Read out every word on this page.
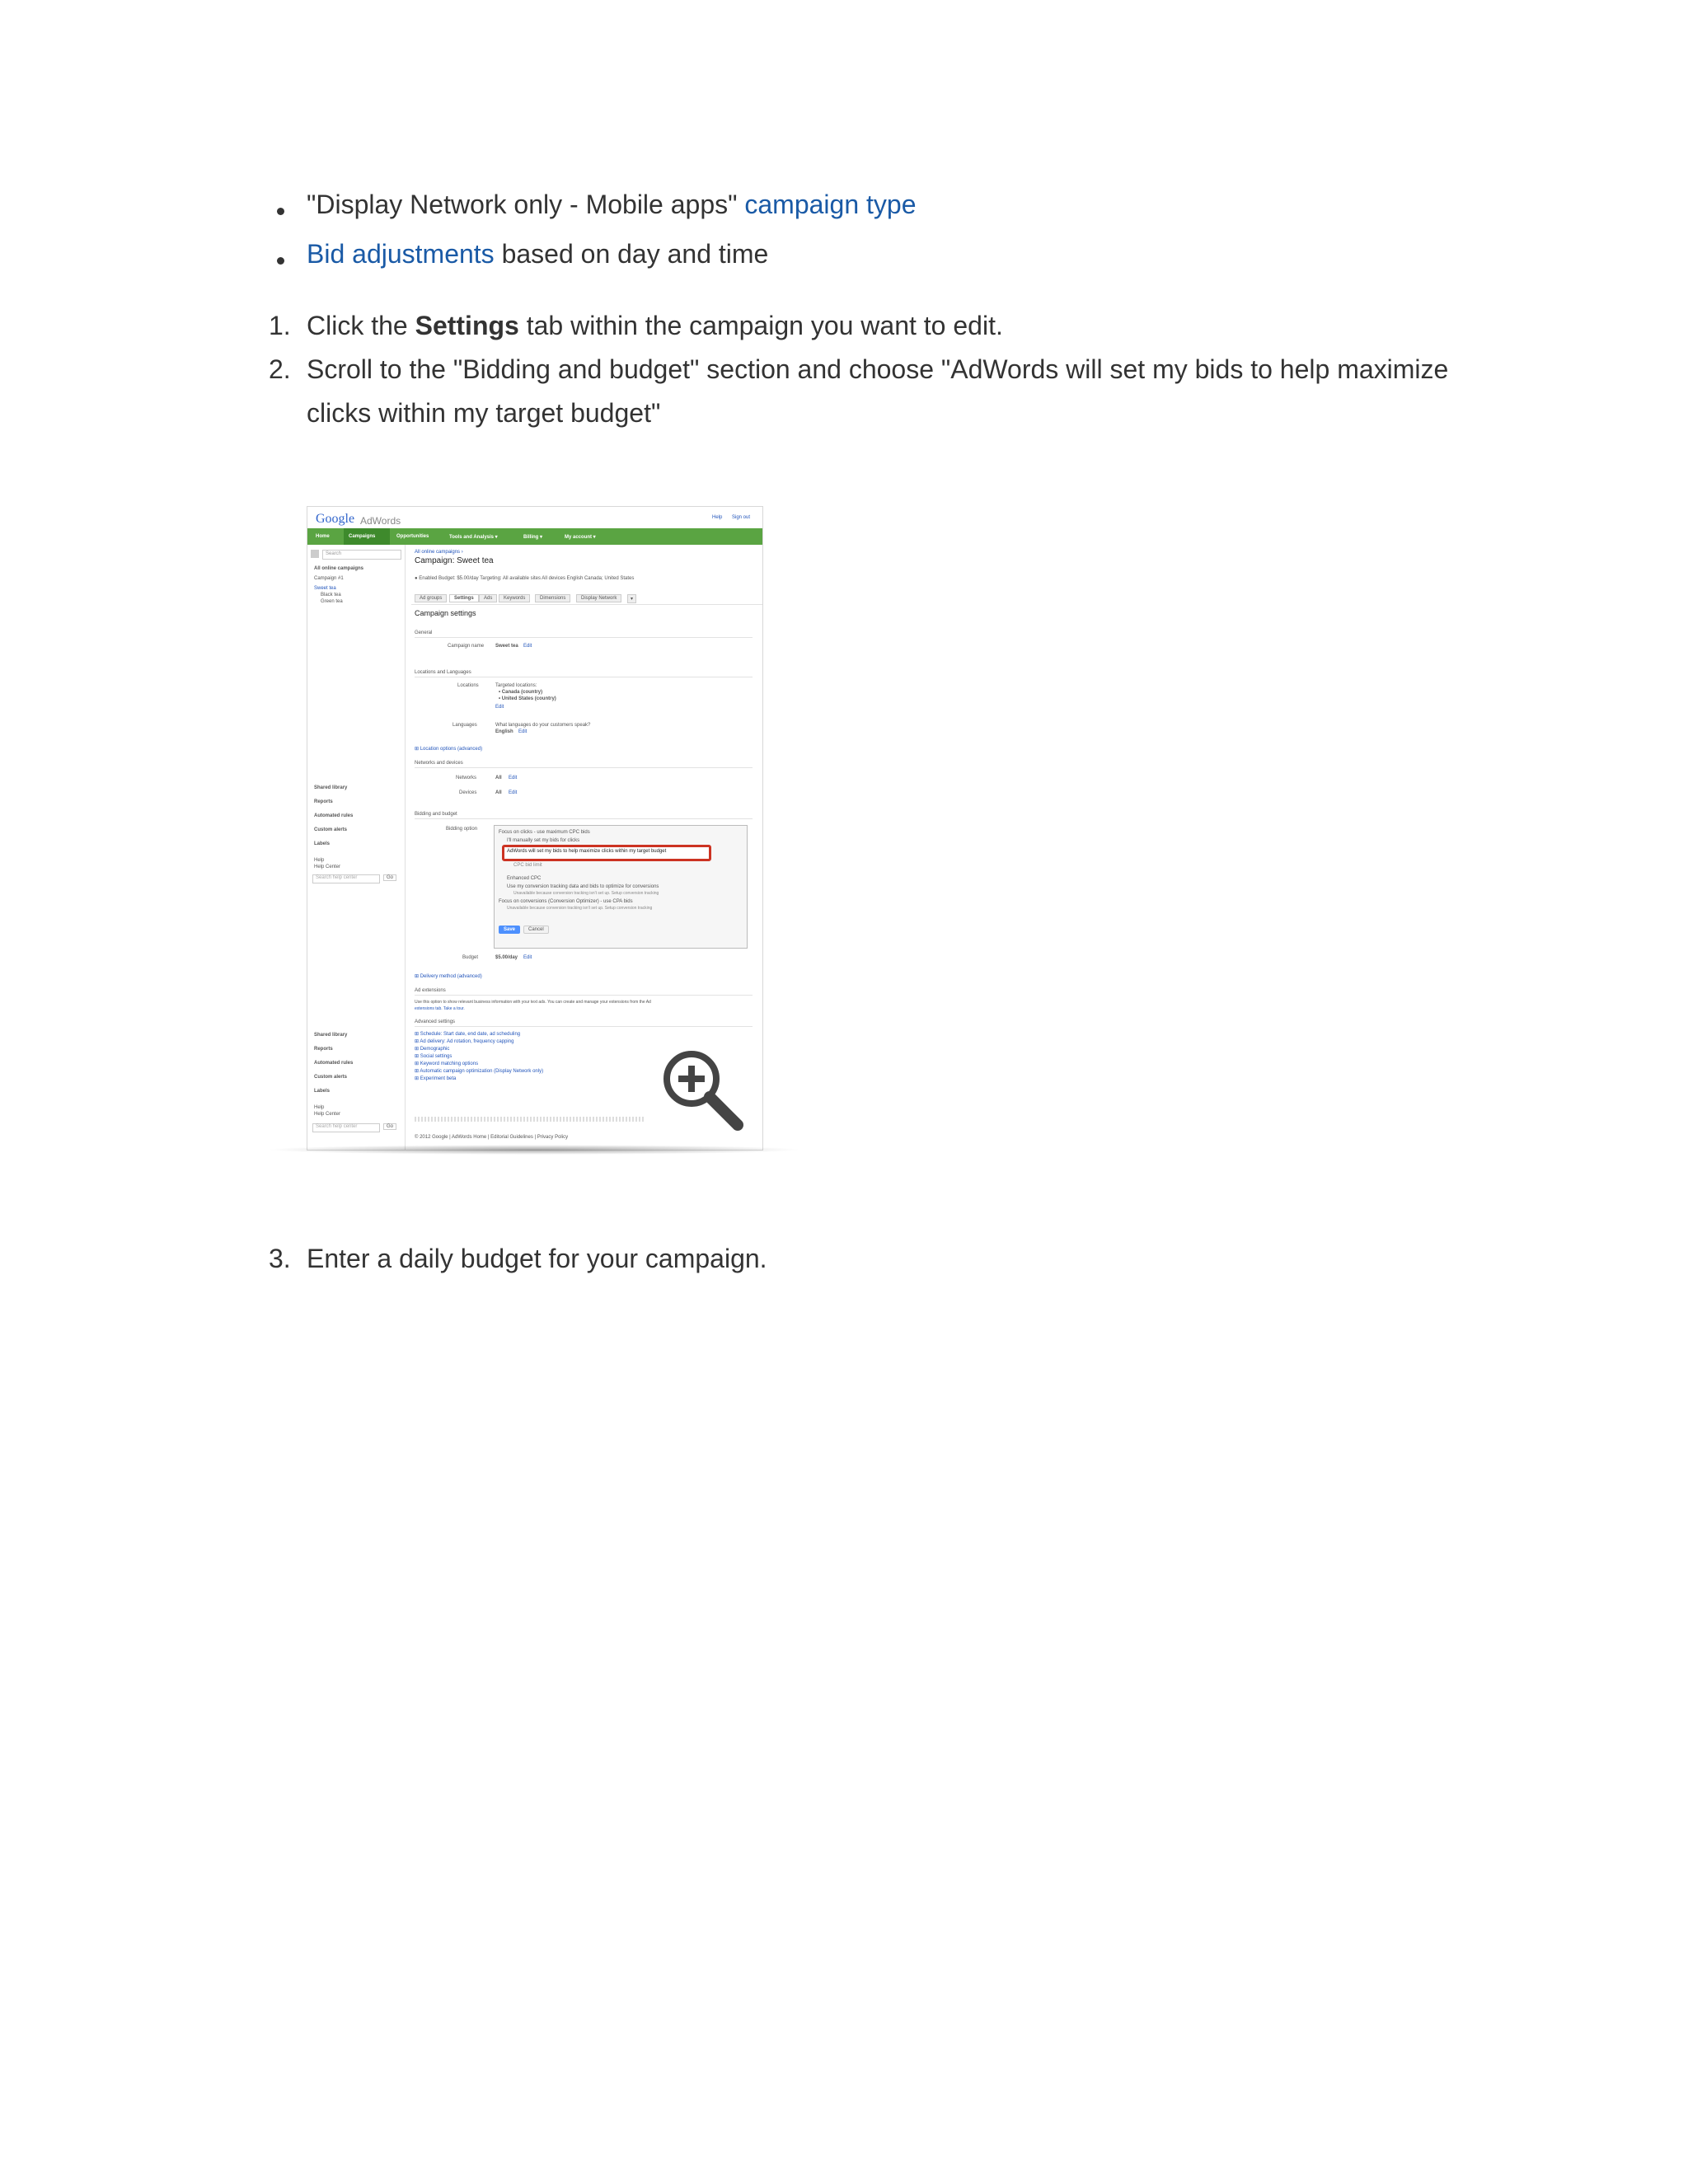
"Display Network only - Mobile apps" campaign type
Bid adjustments based on day and time
1. Click the Settings tab within the campaign you want to edit.
2. Scroll to the "Bidding and budget" section and choose "AdWords will set my bids to help maximize
clicks within my target budget"
Google AdWords	Help Sign out
Home	Campaigns	Opportunities	Tools and Analysis ▾	Billing ▾	My account ▾
Search
All online campaigns
Campaign #1
Sweet tea
Black tea
Green tea
Shared library
Reports
Automated rules
Custom alerts
Labels
Help
Help Center
Search help center	Go
Shared library
Reports
Automated rules
Custom alerts
Labels
Help
Help Center
Search help center	Go
All online campaigns ›
Campaign: Sweet tea
● Enabled Budget: $5.00/day Targeting: All available sites All devices English Canada; United States
Ad groups	Settings	Ads	Keywords	Dimensions	Display Network	▾
Campaign settings
General
Campaign name Sweet tea Edit
Locations and Languages
Locations	Targeted locations:
• Canada (country)
• United States (country)
Edit
Languages	What languages do your customers speak?
English Edit
⊞ Location options (advanced)
Networks and devices
Networks	All Edit
Devices	All Edit
Bidding and budget
Bidding option
Focus on clicks - use maximum CPC bids
I'll manually set my bids for clicks
AdWords will set my bids to help maximize clicks within my target budget
CPC bid limit
Enhanced CPC
Use my conversion tracking data and bids to optimize for conversions
Unavailable because conversion tracking isn't set up. Setup conversion tracking
Focus on conversions (Conversion Optimizer) - use CPA bids
Unavailable because conversion tracking isn't set up. Setup conversion tracking
Save	Cancel
Budget	$5.00/day Edit
⊞ Delivery method (advanced)
Ad extensions
Use this option to show relevant business information with your text ads. You can create and manage your extensions from the Ad
extensions tab. Take a tour.
Advanced settings
⊞ Schedule: Start date, end date, ad scheduling
⊞ Ad delivery: Ad rotation, frequency capping
⊞ Demographic
⊞ Social settings
⊞ Keyword matching options
⊞ Automatic campaign optimization (Display Network only)
⊞ Experiment beta
© 2012 Google | AdWords Home | Editorial Guidelines | Privacy Policy
3. Enter a daily budget for your campaign.
